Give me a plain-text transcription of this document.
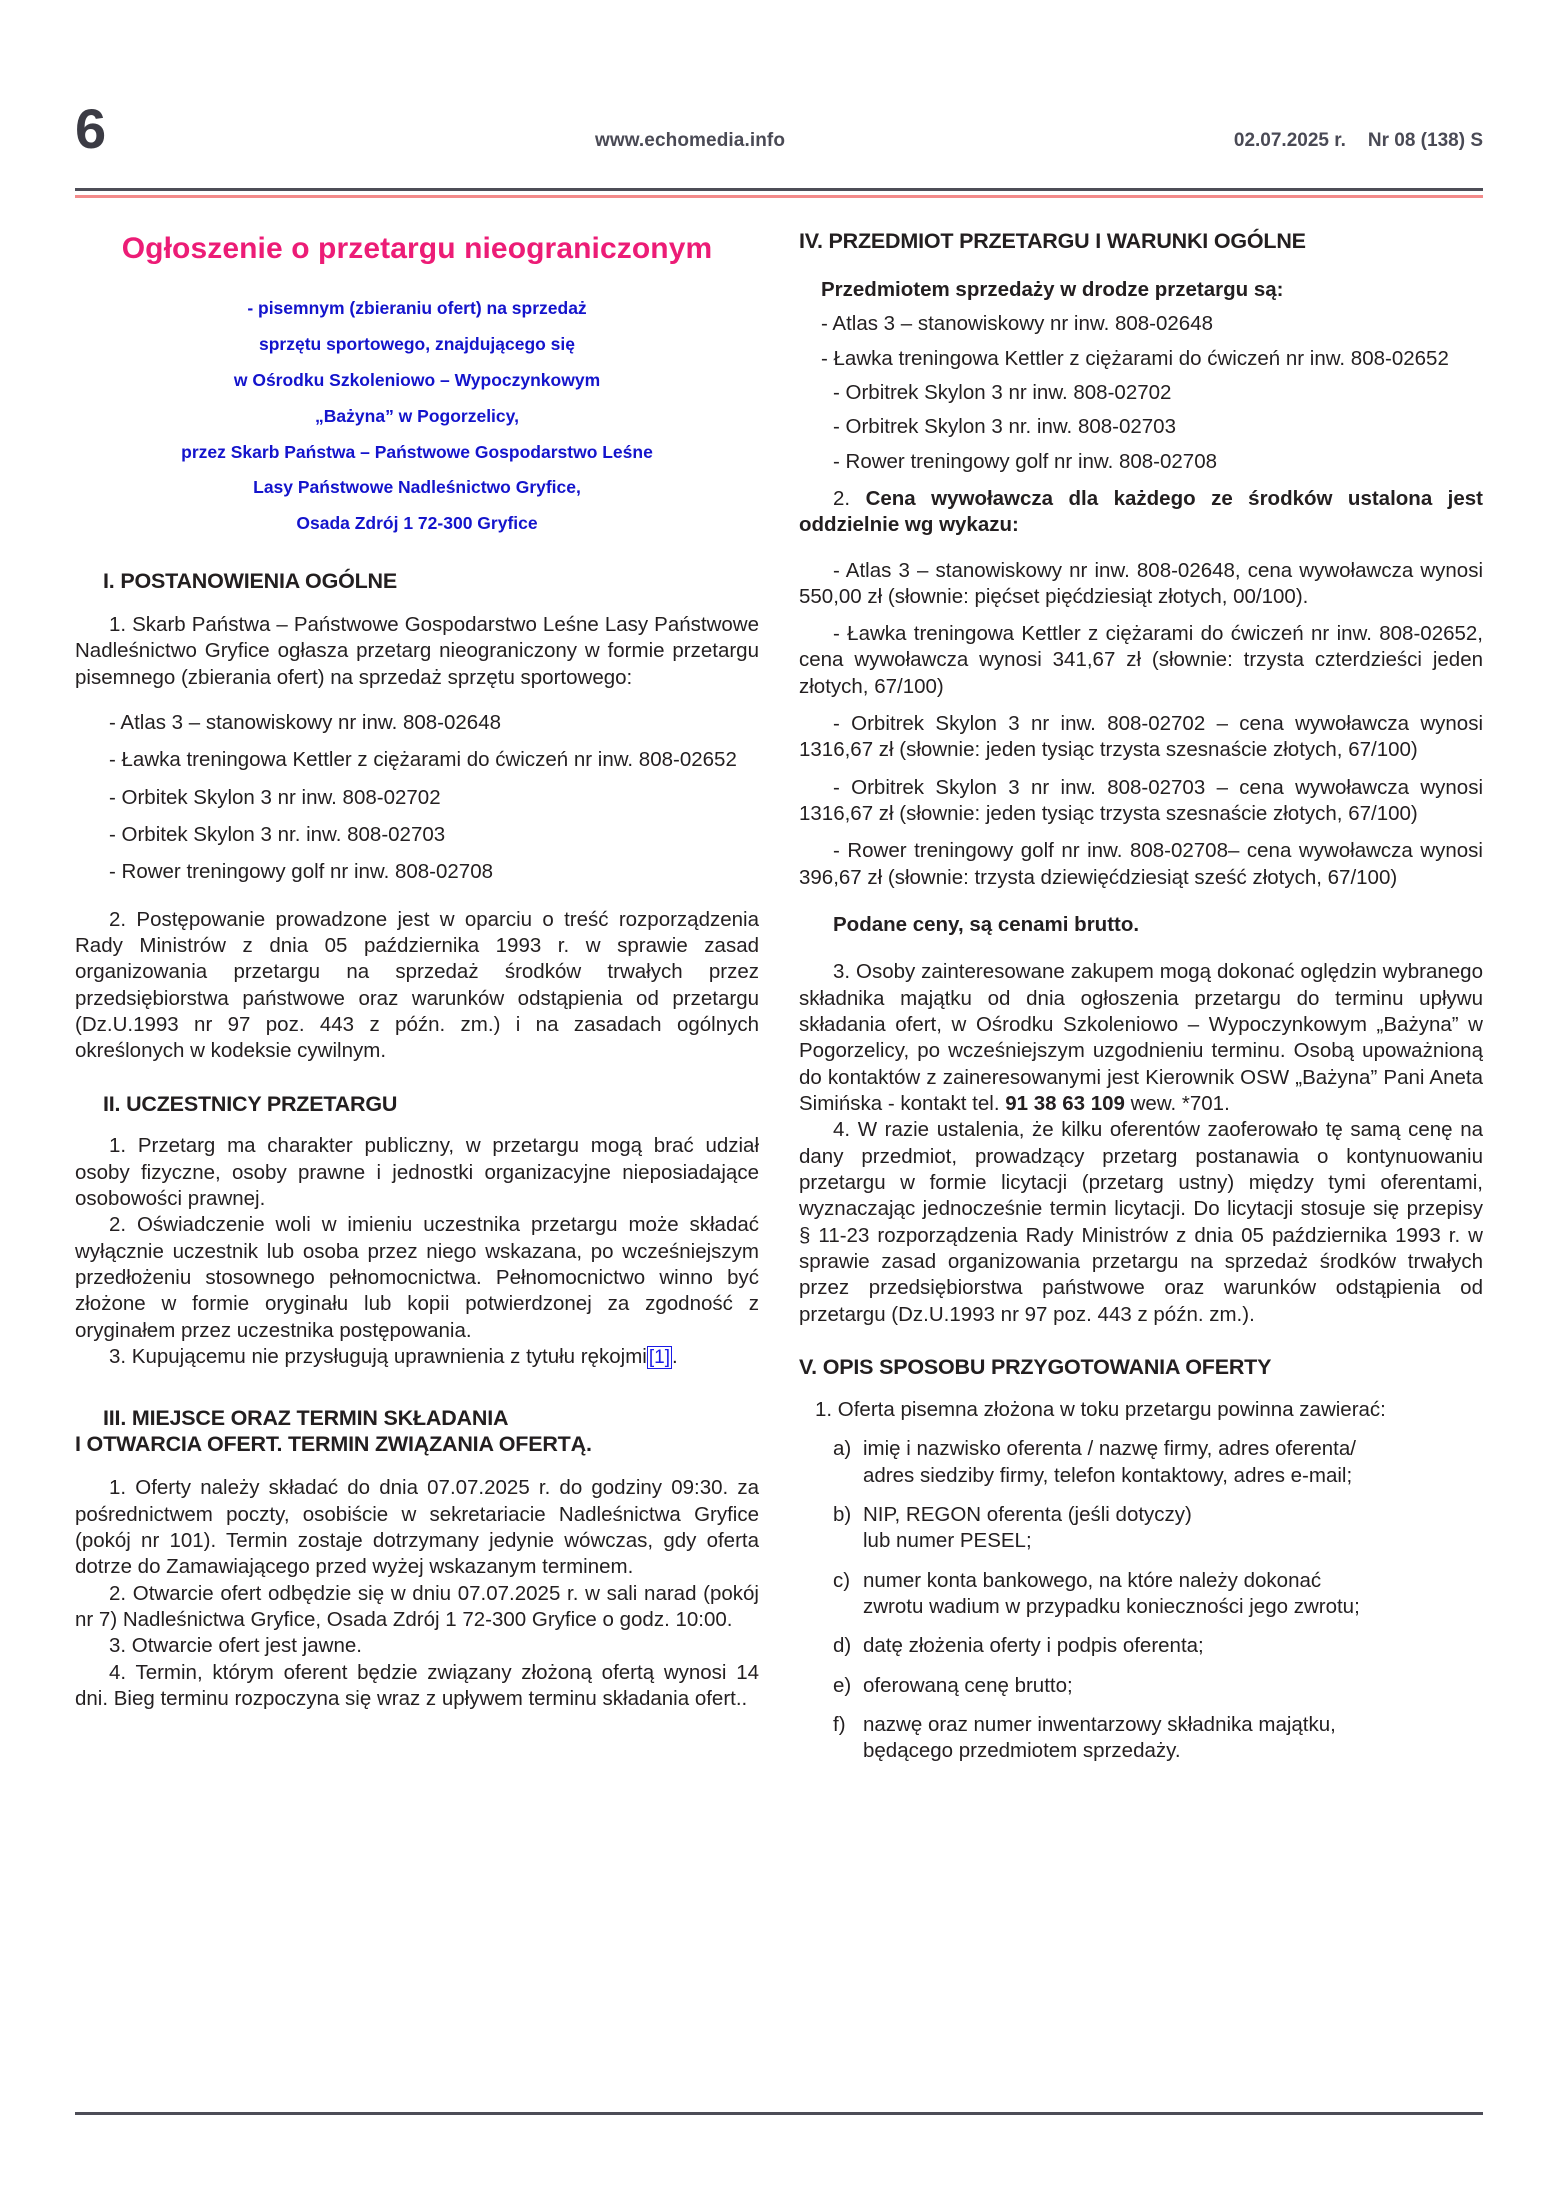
6	www.echomedia.info	02.07.2025 r. Nr 08 (138) S
Ogłoszenie o przetargu nieograniczonym
- pisemnym (zbieraniu ofert) na sprzedaż
sprzętu sportowego, znajdującego się
w Ośrodku Szkoleniowo – Wypoczynkowym
„Bażyna” w Pogorzelicy,
przez Skarb Państwa – Państwowe Gospodarstwo Leśne
Lasy Państwowe Nadleśnictwo Gryfice,
Osada Zdrój 1 72-300 Gryfice
I. POSTANOWIENIA OGÓLNE

1. Skarb Państwa – Państwowe Gospodarstwo Leśne Lasy Państwowe Nadleśnictwo Gryfice ogłasza przetarg nieograniczony w formie przetargu pisemnego (zbierania ofert) na sprzedaż sprzętu sportowego:

- Atlas 3 – stanowiskowy nr inw. 808-02648

- Ławka treningowa Kettler z ciężarami do ćwiczeń nr inw. 808-02652

- Orbitek Skylon 3 nr inw. 808-02702

- Orbitek Skylon 3 nr. inw. 808-02703

- Rower treningowy golf nr inw. 808-02708

2. Postępowanie prowadzone jest w oparciu o treść rozporządzenia Rady Ministrów z dnia 05 października 1993 r. w sprawie zasad organizowania przetargu na sprzedaż środków trwałych przez przedsiębiorstwa państwowe oraz warunków odstąpienia od przetargu (Dz.U.1993 nr 97 poz. 443 z późn. zm.) i na zasadach ogólnych określonych w kodeksie cywilnym.

II. UCZESTNICY PRZETARGU

1. Przetarg ma charakter publiczny, w przetargu mogą brać udział osoby fizyczne, osoby prawne i jednostki organizacyjne nieposiadające osobowości prawnej.

2. Oświadczenie woli w imieniu uczestnika przetargu może składać wyłącznie uczestnik lub osoba przez niego wskazana, po wcześniejszym przedłożeniu stosownego pełnomocnictwa. Pełnomocnictwo winno być złożone w formie oryginału lub kopii potwierdzonej za zgodność z oryginałem przez uczestnika postępowania.

3. Kupującemu nie przysługują uprawnienia z tytułu rękojmi [1].

III. MIEJSCE ORAZ TERMIN SKŁADANIA
I OTWARCIA OFERT. TERMIN ZWIĄZANIA OFERTĄ.

1. Oferty należy składać do dnia 07.07.2025 r. do godziny 09:30. za pośrednictwem poczty, osobiście w sekretariacie Nadleśnictwa Gryfice (pokój nr 101). Termin zostaje dotrzymany jedynie wówczas, gdy oferta dotrze do Zamawiającego przed wyżej wskazanym terminem.

2. Otwarcie ofert odbędzie się w dniu 07.07.2025 r. w sali narad (pokój nr 7) Nadleśnictwa Gryfice, Osada Zdrój 1 72-300 Gryfice o godz. 10:00.

3. Otwarcie ofert jest jawne.

4. Termin, którym oferent będzie związany złożoną ofertą wynosi 14 dni. Bieg terminu rozpoczyna się wraz z upływem terminu składania ofert..

IV. PRZEDMIOT PRZETARGU I WARUNKI OGÓLNE

Przedmiotem sprzedaży w drodze przetargu są:

- Atlas 3 – stanowiskowy nr inw. 808-02648

- Ławka treningowa Kettler z ciężarami do ćwiczeń nr inw. 808-02652

- Orbitrek Skylon 3 nr inw. 808-02702

- Orbitrek Skylon 3 nr. inw. 808-02703

- Rower treningowy golf nr inw. 808-02708

2. Cena wywoławcza dla każdego ze środków ustalona jest oddzielnie wg wykazu:

- Atlas 3 – stanowiskowy nr inw. 808-02648, cena wywoławcza wynosi 550,00 zł (słownie: pięćset pięćdziesiąt złotych, 00/100).

- Ławka treningowa Kettler z ciężarami do ćwiczeń nr inw. 808-02652, cena wywoławcza wynosi 341,67 zł (słownie: trzysta czterdzieści jeden złotych, 67/100)

- Orbitrek Skylon 3 nr inw. 808-02702 – cena wywoławcza wynosi 1316,67 zł (słownie: jeden tysiąc trzysta szesnaście złotych, 67/100)

- Orbitrek Skylon 3 nr inw. 808-02703 – cena wywoławcza wynosi 1316,67 zł (słownie: jeden tysiąc trzysta szesnaście złotych, 67/100)

- Rower treningowy golf nr inw. 808-02708– cena wywoławcza wynosi 396,67 zł (słownie: trzysta dziewięćdziesiąt sześć złotych, 67/100)

Podane ceny, są cenami brutto.

3. Osoby zainteresowane zakupem mogą dokonać oględzin wybranego składnika majątku od dnia ogłoszenia przetargu do terminu upływu składania ofert, w Ośrodku Szkoleniowo – Wypoczynkowym „Bażyna” w Pogorzelicy, po wcześniejszym uzgodnieniu terminu. Osobą upoważnioną do kontaktów z zaineresowanymi jest Kierownik OSW „Bażyna” Pani Aneta Simińska - kontakt tel. 91 38 63 109 wew. *701.

4. W razie ustalenia, że kilku oferentów zaoferowało tę samą cenę na dany przedmiot, prowadzący przetarg postanawia o kontynuowaniu przetargu w formie licytacji (przetarg ustny) między tymi oferentami, wyznaczając jednocześnie termin licytacji. Do licytacji stosuje się przepisy § 11-23 rozporządzenia Rady Ministrów z dnia 05 października 1993 r. w sprawie zasad organizowania przetargu na sprzedaż środków trwałych przez przedsiębiorstwa państwowe oraz warunków odstąpienia od przetargu (Dz.U.1993 nr 97 poz. 443 z późn. zm.).

V. OPIS SPOSOBU PRZYGOTOWANIA OFERTY

1. Oferta pisemna złożona w toku przetargu powinna zawierać:

a) imię i nazwisko oferenta / nazwę firmy, adres oferenta/
adres siedziby firmy, telefon kontaktowy, adres e-mail;
b) NIP, REGON oferenta (jeśli dotyczy)
lub numer PESEL;
c) numer konta bankowego, na które należy dokonać
zwrotu wadium w przypadku konieczności jego zwrotu;
d) datę złożenia oferty i podpis oferenta;
e) oferowaną cenę brutto;
f) nazwę oraz numer inwentarzowy składnika majątku,
będącego przedmiotem sprzedaży.
